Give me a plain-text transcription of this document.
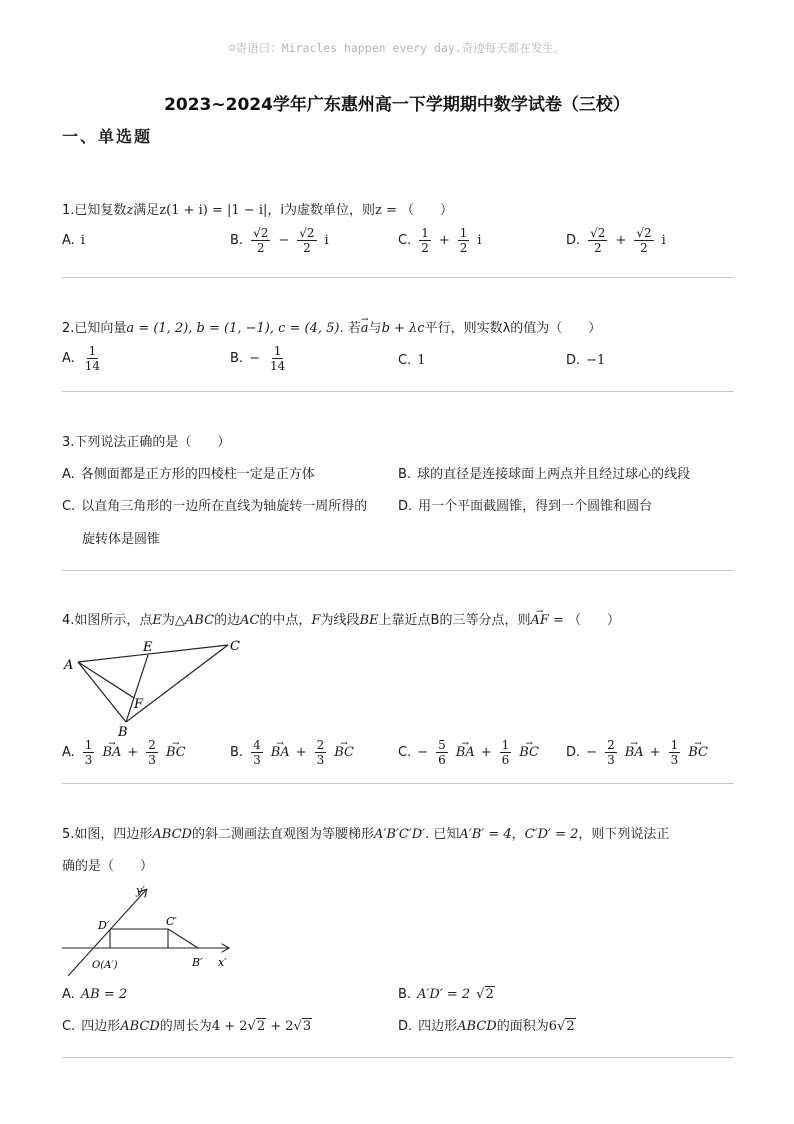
☺寄语曰：Miracles happen every day.奇迹每天都在发生。
2023~2024学年广东惠州高一下学期期中数学试卷（三校）
一、单选题
1.已知复数z满足z(1 + i) = |1 − i|，i为虚数单位，则z = （　　）
A. i	B. $\frac{√2}{2} - \frac{√2}{2}$ i	C. $\frac{1}{2} + \frac{1}{2}$ i	D. $\frac{√2}{2} + \frac{√2}{2}$ i
2.已知向量a = (1, 2), b = (1, −1), c = (4, 5). 若→ a与b + λc平行，则实数λ的值为（　　）
A. $\frac{1}{14}$	B. − $\frac{1}{14}$	C. 1	D. −1
3.下列说法正确的是（　　）
A. 各侧面都是正方形的四棱柱一定是正方体	B. 球的直径是连接球面上两点并且经过球心的线段
C. 以直角三角形的一边所在直线为轴旋转一周所得的
旋转体是圆锥
D. 用一个平面截圆锥，得到一个圆锥和圆台
4.如图所示，点E为△ABC的边AC的中点，F为线段BE上靠近点B的三等分点，则→ AF = （　　）
A
E	C
F
B
A. $\frac{1}{3}$ → BA + $\frac{2}{3}$ → BC	B. $\frac{4}{3}$ → BA + $\frac{2}{3}$ → BC	C. − $\frac{5}{6}$ → BA + $\frac{1}{6}$ → BC D. − $\frac{2}{3}$ → BA + $\frac{1}{3}$ → BC
5.如图，四边形ABCD的斜二测画法直观图为等腰梯形A′B′C′D′. 已知A′B′ = 4，C′D′ = 2，则下列说法正
确的是（　　）
y′
D′	C′
O(A′)	B′ x′
A. AB = 2	B. A′D′ = 2 √2
C. 四边形ABCD的周长为4 + 2√2 + 2√3	D. 四边形ABCD的面积为6√2
